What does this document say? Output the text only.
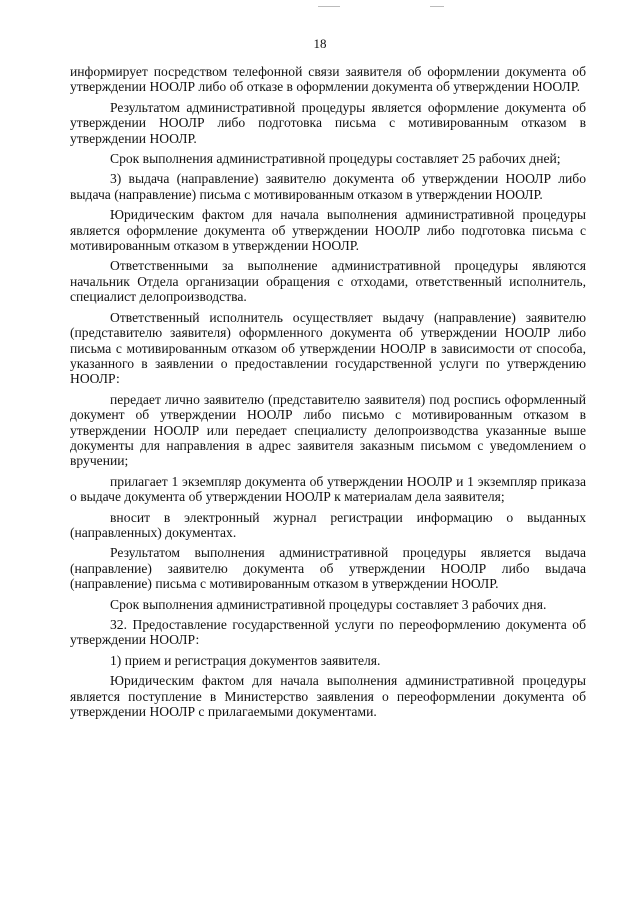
18

информирует посредством телефонной связи заявителя об оформлении документа об утверждении НООЛР либо об отказе в оформлении документа об утверждении НООЛР.

Результатом административной процедуры является оформление документа об утверждении НООЛР либо подготовка письма с мотивированным отказом в утверждении НООЛР.

Срок выполнения административной процедуры составляет 25 рабочих дней;

3) выдача (направление) заявителю документа об утверждении НООЛР либо выдача (направление) письма с мотивированным отказом в утверждении НООЛР.

Юридическим фактом для начала выполнения административной процедуры является оформление документа об утверждении НООЛР либо подготовка письма с мотивированным отказом в утверждении НООЛР.

Ответственными за выполнение административной процедуры являются начальник Отдела организации обращения с отходами, ответственный исполнитель, специалист делопроизводства.

Ответственный исполнитель осуществляет выдачу (направление) заявителю (представителю заявителя) оформленного документа об утверждении НООЛР либо письма с мотивированным отказом об утверждении НООЛР в зависимости от способа, указанного в заявлении о предоставлении государственной услуги по утверждению НООЛР:

передает лично заявителю (представителю заявителя) под роспись оформленный документ об утверждении НООЛР либо письмо с мотивированным отказом в утверждении НООЛР или передает специалисту делопроизводства указанные выше документы для направления в адрес заявителя заказным письмом с уведомлением о вручении;

прилагает 1 экземпляр документа об утверждении НООЛР и 1 экземпляр приказа о выдаче документа об утверждении НООЛР к материалам дела заявителя;

вносит в электронный журнал регистрации информацию о выданных (направленных) документах.

Результатом выполнения административной процедуры является выдача (направление) заявителю документа об утверждении НООЛР либо выдача (направление) письма с мотивированным отказом в утверждении НООЛР.

Срок выполнения административной процедуры составляет 3 рабочих дня.

32. Предоставление государственной услуги по переоформлению документа об утверждении НООЛР:

1) прием и регистрация документов заявителя.

Юридическим фактом для начала выполнения административной процедуры является поступление в Министерство заявления о переоформлении документа об утверждении НООЛР с прилагаемыми документами.
